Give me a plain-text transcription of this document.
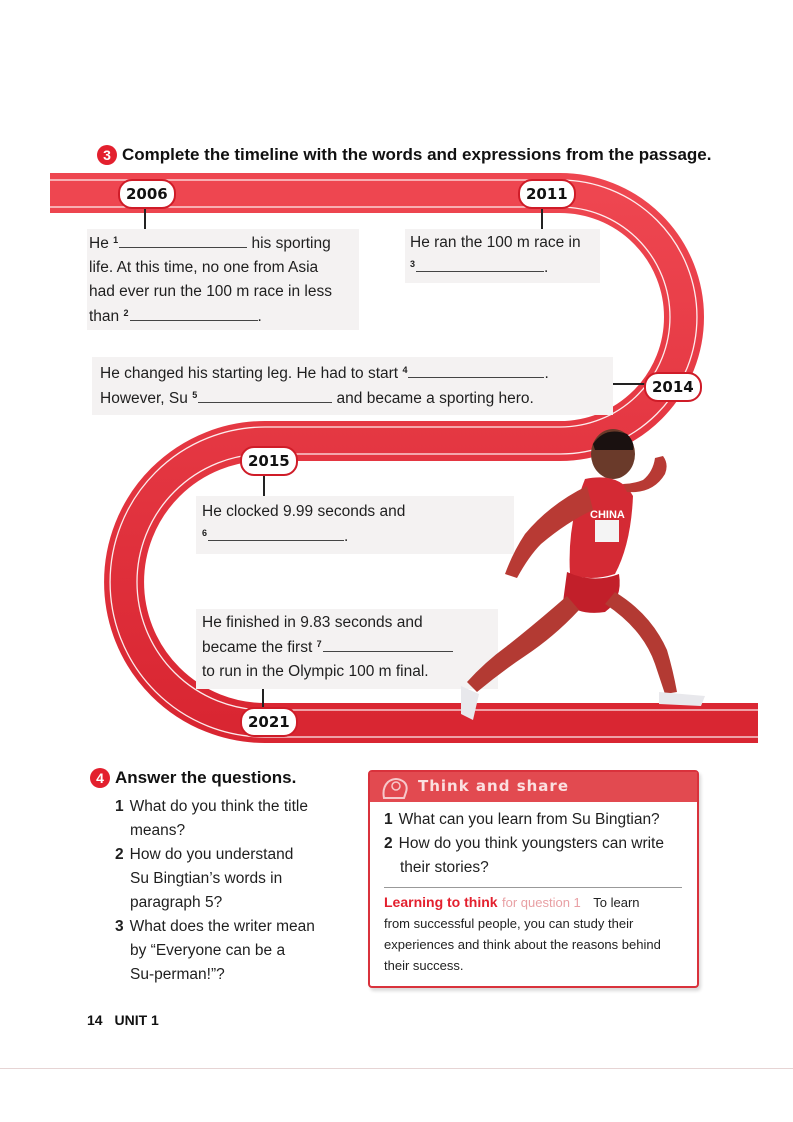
3 Complete the timeline with the words and expressions from the passage.
2006	2011
2014
2015
2021

He $^1$	his sporting

life. At this time, no one from Asia

had ever run the 100 m race in less

than $^2$	.

He ran the 100 m race in

$^3$	.

He changed his starting leg. He had to start $^4$	.

However, Su $^5$	and became a sporting hero.

He clocked 9.99 seconds and

$^6$	.

He finished in 9.83 seconds and

became the first $^7$

to run in the Olympic 100 m final.

CHINA
4 Answer the questions.
1 What do you think the title
means?
2 How do you understand
Su Bingtian’s words in
paragraph 5?
3 What does the writer mean
by “Everyone can be a
Su-perman!”?
Think and share
1 What can you learn from Su Bingtian?
2 How do you think youngsters can write
their stories?
Learning to think for question 1 To learn
from successful people, you can study their
experiences and think about the reasons behind
their success.
14 UNIT 1
